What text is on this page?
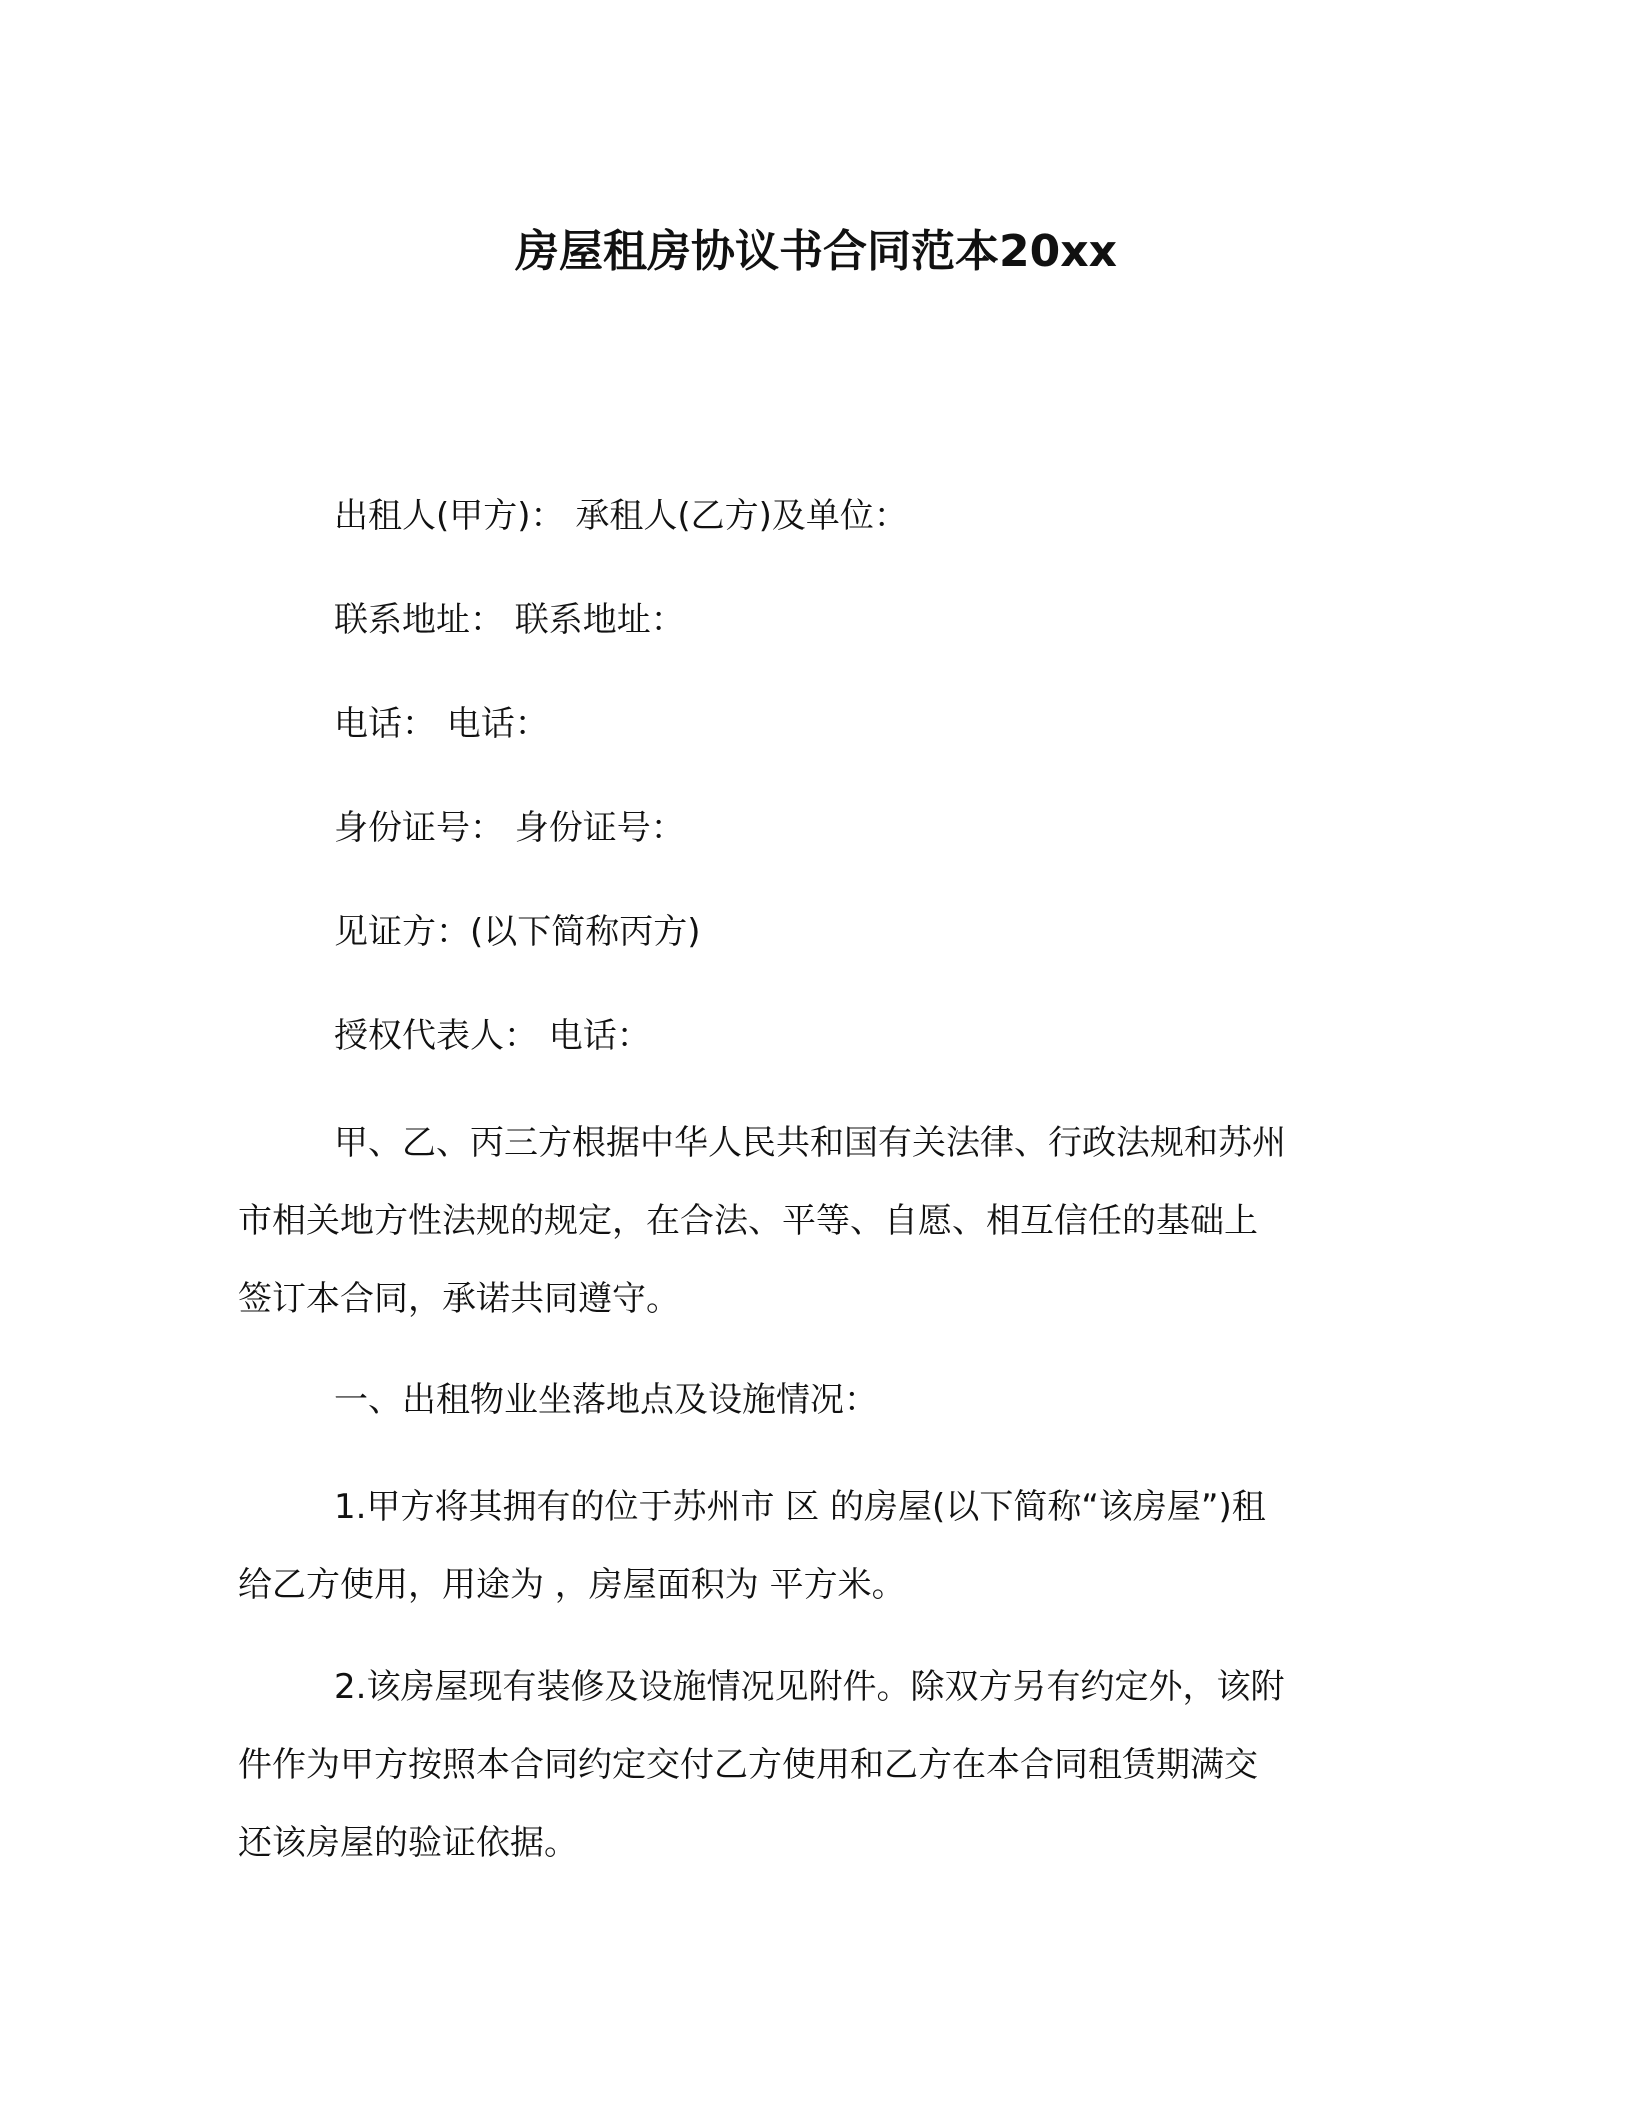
房屋租房协议书合同范本20xx
出租人(甲方)： 承租人(乙方)及单位：
联系地址： 联系地址：
电话： 电话：
身份证号： 身份证号：
见证方：(以下简称丙方)
授权代表人： 电话：
甲、乙、丙三方根据中华人民共和国有关法律、行政法规和苏州
市相关地方性法规的规定，在合法、平等、自愿、相互信任的基础上
签订本合同，承诺共同遵守。
一、出租物业坐落地点及设施情况：
1.甲方将其拥有的位于苏州市 区 的房屋(以下简称“该房屋”)租
给乙方使用，用途为 ，房屋面积为 平方米。
2.该房屋现有装修及设施情况见附件。除双方另有约定外，该附
件作为甲方按照本合同约定交付乙方使用和乙方在本合同租赁期满交
还该房屋的验证依据。
